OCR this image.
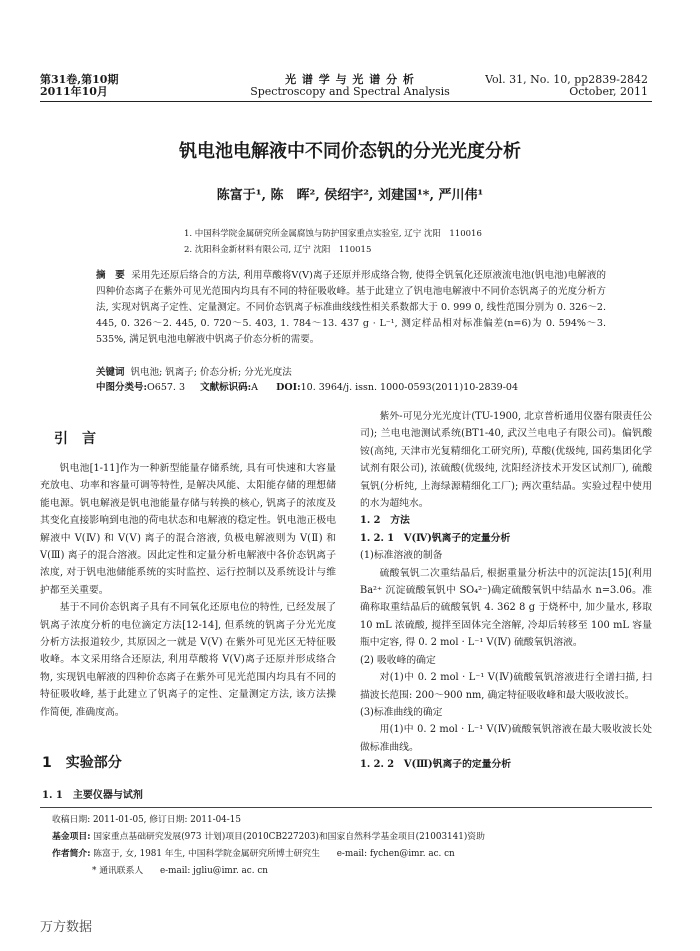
第31卷,第10期
2011年10月
光 谱 学 与 光 谱 分 析
Spectroscopy and Spectral Analysis
Vol. 31, No. 10, pp2839-2842
October, 2011
钒电池电解液中不同价态钒的分光光度分析
陈富于¹, 陈　晖², 侯绍宇², 刘建国¹*, 严川伟¹
1. 中国科学院金属研究所金属腐蚀与防护国家重点实验室, 辽宁 沈阳　110016
2. 沈阳科金新材料有限公司, 辽宁 沈阳　110015
摘　要 采用先还原后络合的方法, 利用草酸将V(Ⅴ)离子还原并形成络合物, 使得全钒氧化还原液流电池(钒电池)电解液的四种价态离子在紫外可见光范围内均具有不同的特征吸收峰。基于此建立了钒电池电解液中不同价态钒离子的光度分析方法, 实现对钒离子定性、定量测定。不同价态钒离子标准曲线线性相关系数都大于 0. 999 0, 线性范围分别为 0. 326～2. 445, 0. 326～2. 445, 0. 720～5. 403, 1. 784～13. 437 g · L⁻¹, 测定样品相对标准偏差(n=6)为 0. 594%～3. 535%, 满足钒电池电解液中钒离子价态分析的需要。
关键词 钒电池; 钒离子; 价态分析; 分光光度法
中图分类号:O657. 3 文献标识码:A DOI:10. 3964/j. issn. 1000-0593(2011)10-2839-04
引　言

钒电池[1-11]作为一种新型能量存储系统, 具有可快速和大容量充放电、功率和容量可调等特性, 是解决风能、太阳能存储的理想储能电源。钒电解液是钒电池能量存储与转换的核心, 钒离子的浓度及其变化直接影响到电池的荷电状态和电解液的稳定性。钒电池正极电解液中 V(Ⅳ) 和 V(Ⅴ) 离子的混合溶液, 负极电解液则为 V(Ⅱ) 和 V(Ⅲ) 离子的混合溶液。因此定性和定量分析电解液中各价态钒离子浓度, 对于钒电池储能系统的实时监控、运行控制以及系统设计与维护都至关重要。

基于不同价态钒离子具有不同氧化还原电位的特性, 已经发展了钒离子浓度分析的电位滴定方法[12-14], 但系统的钒离子分光光度分析方法报道较少, 其原因之一就是 V(Ⅴ) 在紫外可见光区无特征吸收峰。本文采用络合还原法, 利用草酸将 V(Ⅴ)离子还原并形成络合物, 实现钒电解液的四种价态离子在紫外可见光范围内均具有不同的特征吸收峰, 基于此建立了钒离子的定性、定量测定方法, 该方法操作简便, 准确度高。

1　实验部分
1. 1　主要仪器与试剂

紫外-可见分光光度计(TU-1900, 北京普析通用仪器有限责任公司); 兰电电池测试系统(BT1-40, 武汉兰电电子有限公司)。偏钒酸铵(高纯, 天津市光复精细化工研究所), 草酸(优级纯, 国药集团化学试剂有限公司), 浓硫酸(优级纯, 沈阳经济技术开发区试剂厂), 硫酸氧钒(分析纯, 上海绿源精细化工厂); 两次重结晶。实验过程中使用的水为超纯水。

1. 2　方法

1. 2. 1　V(Ⅳ)钒离子的定量分析

(1)标准溶液的制备

硫酸氧钒二次重结晶后, 根据重量分析法中的沉淀法[15](利用 Ba²⁺ 沉淀硫酸氧钒中 SO₄²⁻)确定硫酸氧钒中结晶水 n=3.06。准确称取重结晶后的硫酸氧钒 4. 362 8 g 于烧杯中, 加少量水, 移取 10 mL 浓硫酸, 搅拌至固体完全溶解, 冷却后转移至 100 mL 容量瓶中定容, 得 0. 2 mol · L⁻¹ V(Ⅳ) 硫酸氧钒溶液。

(2) 吸收峰的确定

对(1)中 0. 2 mol · L⁻¹ V(Ⅳ)硫酸氧钒溶液进行全谱扫描, 扫描波长范围: 200～900 nm, 确定特征吸收峰和最大吸收波长。

(3)标准曲线的确定

用(1)中 0. 2 mol · L⁻¹ V(Ⅳ)硫酸氧钒溶液在最大吸收波长处做标准曲线。

1. 2. 2　V(Ⅲ)钒离子的定量分析

收稿日期: 2011-01-05, 修订日期: 2011-04-15
基金项目: 国家重点基础研究发展(973 计划)项目(2010CB227203)和国家自然科学基金项目(21003141)资助
作者简介: 陈富于, 女, 1981 年生, 中国科学院金属研究所博士研究生 e-mail: fychen@imr. ac. cn
* 通讯联系人 e-mail: jgliu@imr. ac. cn
万方数据
